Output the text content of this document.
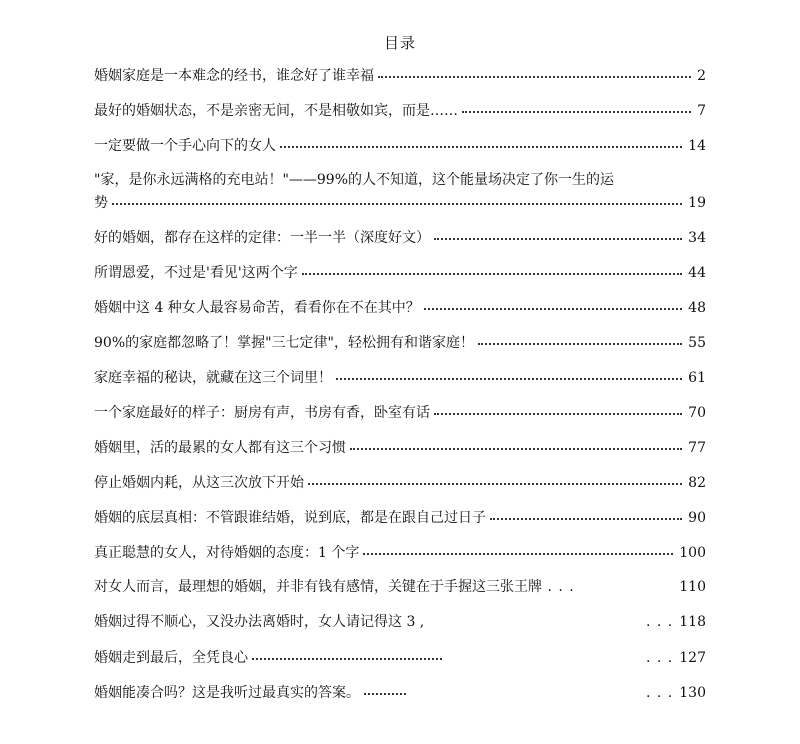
目录
婚姻家庭是一本难念的经书，谁念好了谁幸福	2
最好的婚姻状态，不是亲密无间，不是相敬如宾，而是……	7
一定要做一个手心向下的女人	14
"家，是你永远满格的充电站！"——99%的人不知道，这个能量场决定了你一生的运
势	19
好的婚姻，都存在这样的定律：一半一半（深度好文）	34
所谓恩爱，不过是'看见'这两个字	44
婚姻中这 4 种女人最容易命苦，看看你在不在其中？	48
90%的家庭都忽略了！掌握"三七定律"，轻松拥有和谐家庭！	55
家庭幸福的秘诀，就藏在这三个词里！	61
一个家庭最好的样子：厨房有声，书房有香，卧室有话	70
婚姻里，活的最累的女人都有这三个习惯	77
停止婚姻内耗，从这三次放下开始	82
婚姻的底层真相：不管跟谁结婚，说到底，都是在跟自己过日子	90
真正聪慧的女人，对待婚姻的态度：1 个字	100
对女人而言，最理想的婚姻，并非有钱有感情，关键在于手握这三张王牌 . . .	110
婚姻过得不顺心，又没办法离婚时，女人请记得这 3 ,	. . . 118
婚姻走到最后，全凭良心	. . . 127
婚姻能凑合吗？这是我听过最真实的答案。	. . . 130
